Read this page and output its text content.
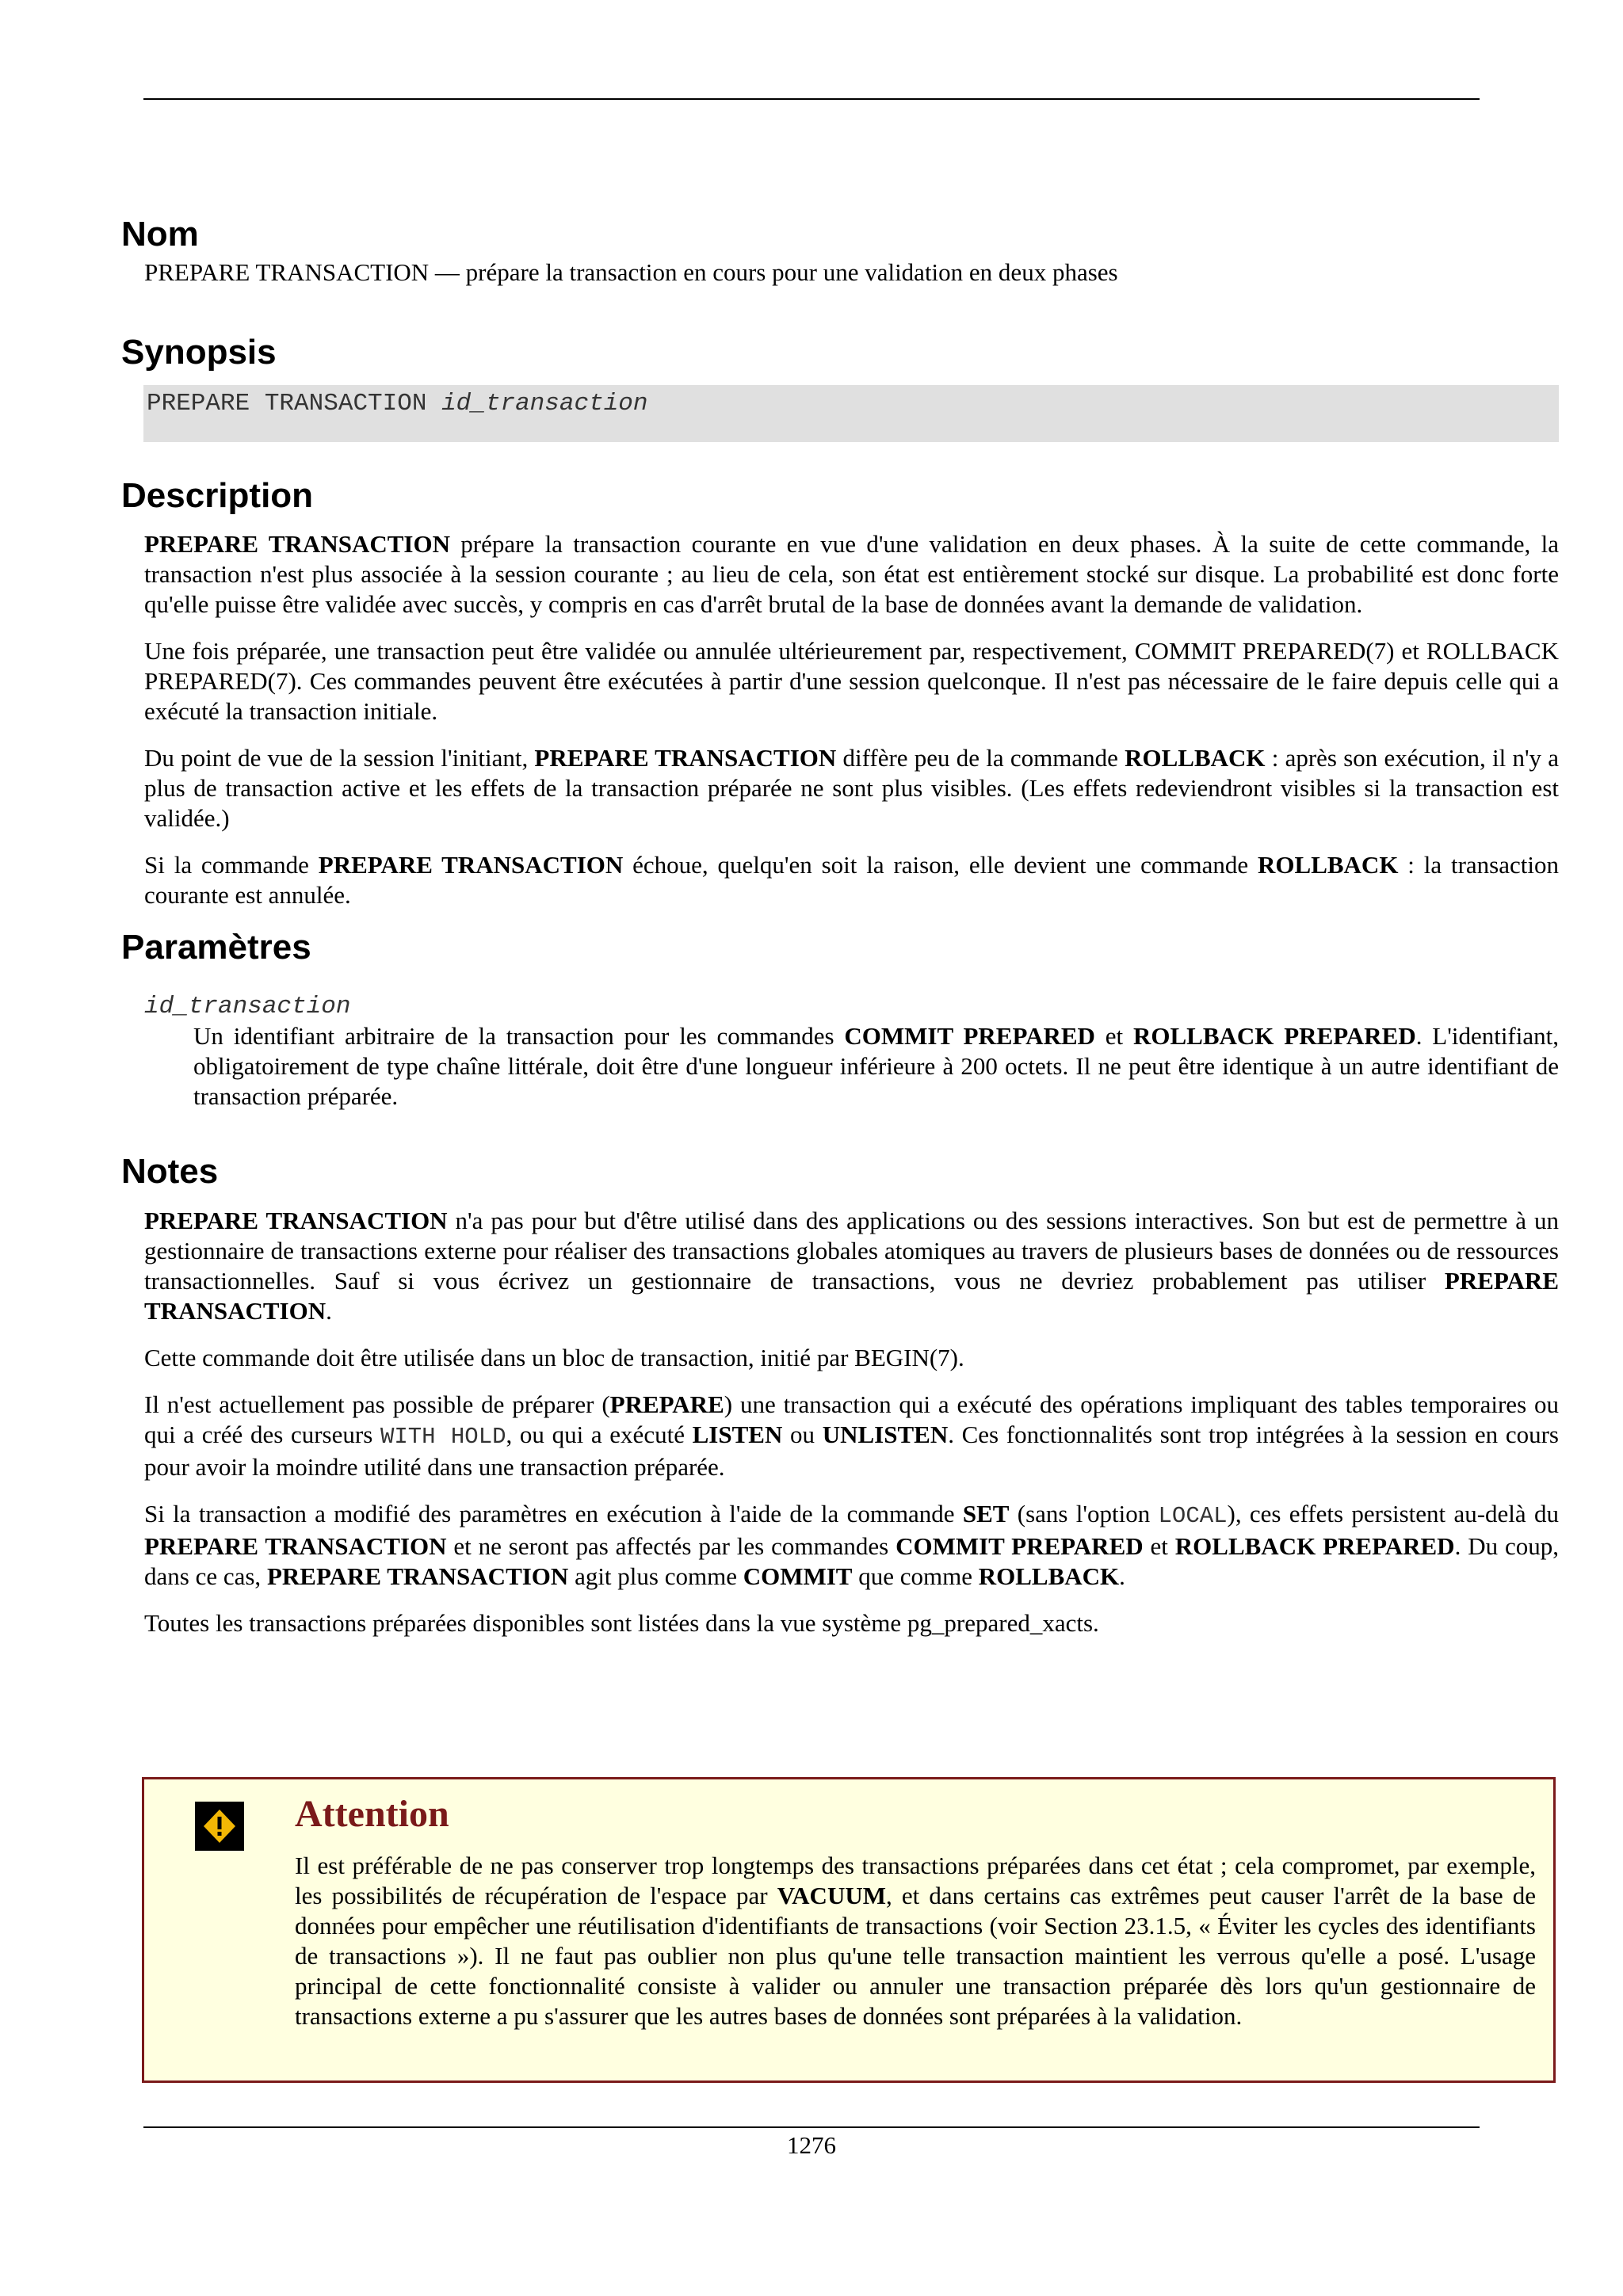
Nom
PREPARE TRANSACTION — prépare la transaction en cours pour une validation en deux phases
Synopsis
PREPARE TRANSACTION id_transaction
Description

PREPARE TRANSACTION prépare la transaction courante en vue d'une validation en deux phases. À la suite de cette commande, la transaction n'est plus associée à la session courante ; au lieu de cela, son état est entièrement stocké sur disque. La probabilité est donc forte qu'elle puisse être validée avec succès, y compris en cas d'arrêt brutal de la base de données avant la demande de validation.

Une fois préparée, une transaction peut être validée ou annulée ultérieurement par, respectivement, COMMIT PREPARED(7) et ROLLBACK PREPARED(7). Ces commandes peuvent être exécutées à partir d'une session quelconque. Il n'est pas nécessaire de le faire depuis celle qui a exécuté la transaction initiale.

Du point de vue de la session l'initiant, PREPARE TRANSACTION diffère peu de la commande ROLLBACK : après son exécution, il n'y a plus de transaction active et les effets de la transaction préparée ne sont plus visibles. (Les effets redeviendront visibles si la transaction est validée.)

Si la commande PREPARE TRANSACTION échoue, quelqu'en soit la raison, elle devient une commande ROLLBACK : la transaction courante est annulée.

Paramètres
id_transaction
Un identifiant arbitraire de la transaction pour les commandes COMMIT PREPARED et ROLLBACK PREPARED. L'identifiant, obligatoirement de type chaîne littérale, doit être d'une longueur inférieure à 200 octets. Il ne peut être identique à un autre identifiant de transaction préparée.
Notes

PREPARE TRANSACTION n'a pas pour but d'être utilisé dans des applications ou des sessions interactives. Son but est de permettre à un gestionnaire de transactions externe pour réaliser des transactions globales atomiques au travers de plusieurs bases de données ou de ressources transactionnelles. Sauf si vous écrivez un gestionnaire de transactions, vous ne devriez probablement pas utiliser PREPARE TRANSACTION.

Cette commande doit être utilisée dans un bloc de transaction, initié par BEGIN(7).

Il n'est actuellement pas possible de préparer (PREPARE) une transaction qui a exécuté des opérations impliquant des tables temporaires ou qui a créé des curseurs WITH HOLD, ou qui a exécuté LISTEN ou UNLISTEN. Ces fonctionnalités sont trop intégrées à la session en cours pour avoir la moindre utilité dans une transaction préparée.

Si la transaction a modifié des paramètres en exécution à l'aide de la commande SET (sans l'option LOCAL), ces effets persistent au-delà du PREPARE TRANSACTION et ne seront pas affectés par les commandes COMMIT PREPARED et ROLLBACK PREPARED. Du coup, dans ce cas, PREPARE TRANSACTION agit plus comme COMMIT que comme ROLLBACK.

Toutes les transactions préparées disponibles sont listées dans la vue système pg_prepared_xacts.

Attention
Il est préférable de ne pas conserver trop longtemps des transactions préparées dans cet état ; cela compromet, par exemple, les possibilités de récupération de l'espace par VACUUM, et dans certains cas extrêmes peut causer l'arrêt de la base de données pour empêcher une réutilisation d'identifiants de transactions (voir Section 23.1.5, « Éviter les cycles des identifiants de transactions »). Il ne faut pas oublier non plus qu'une telle transaction maintient les verrous qu'elle a posé. L'usage principal de cette fonctionnalité consiste à valider ou annuler une transaction préparée dès lors qu'un gestionnaire de transactions externe a pu s'assurer que les autres bases de données sont préparées à la validation.
1276
